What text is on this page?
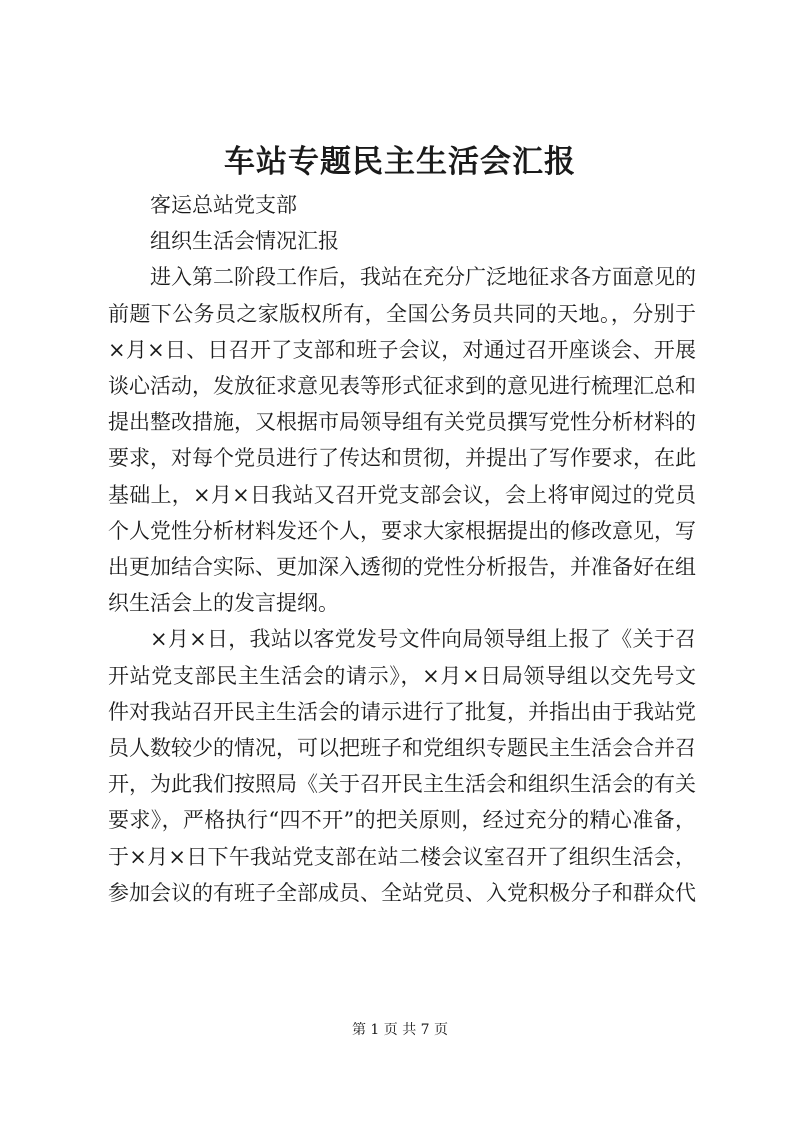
车站专题民主生活会汇报

客运总站党支部

组织生活会情况汇报

进入第二阶段工作后，我站在充分广泛地征求各方面意见的前题下公务员之家版权所有，全国公务员共同的天地。，分别于×月×日、日召开了支部和班子会议，对通过召开座谈会、开展谈心活动，发放征求意见表等形式征求到的意见进行梳理汇总和提出整改措施，又根据市局领导组有关党员撰写党性分析材料的要求，对每个党员进行了传达和贯彻，并提出了写作要求，在此基础上，×月×日我站又召开党支部会议，会上将审阅过的党员个人党性分析材料发还个人，要求大家根据提出的修改意见，写出更加结合实际、更加深入透彻的党性分析报告，并准备好在组织生活会上的发言提纲。

×月×日，我站以客党发号文件向局领导组上报了《关于召开站党支部民主生活会的请示》，×月×日局领导组以交先号文件对我站召开民主生活会的请示进行了批复，并指出由于我站党员人数较少的情况，可以把班子和党组织专题民主生活会合并召开，为此我们按照局《关于召开民主生活会和组织生活会的有关要求》，严格执行“四不开”的把关原则，经过充分的精心准备，于×月×日下午我站党支部在站二楼会议室召开了组织生活会，参加会议的有班子全部成员、全站党员、入党积极分子和群众代

第 1 页 共 7 页
